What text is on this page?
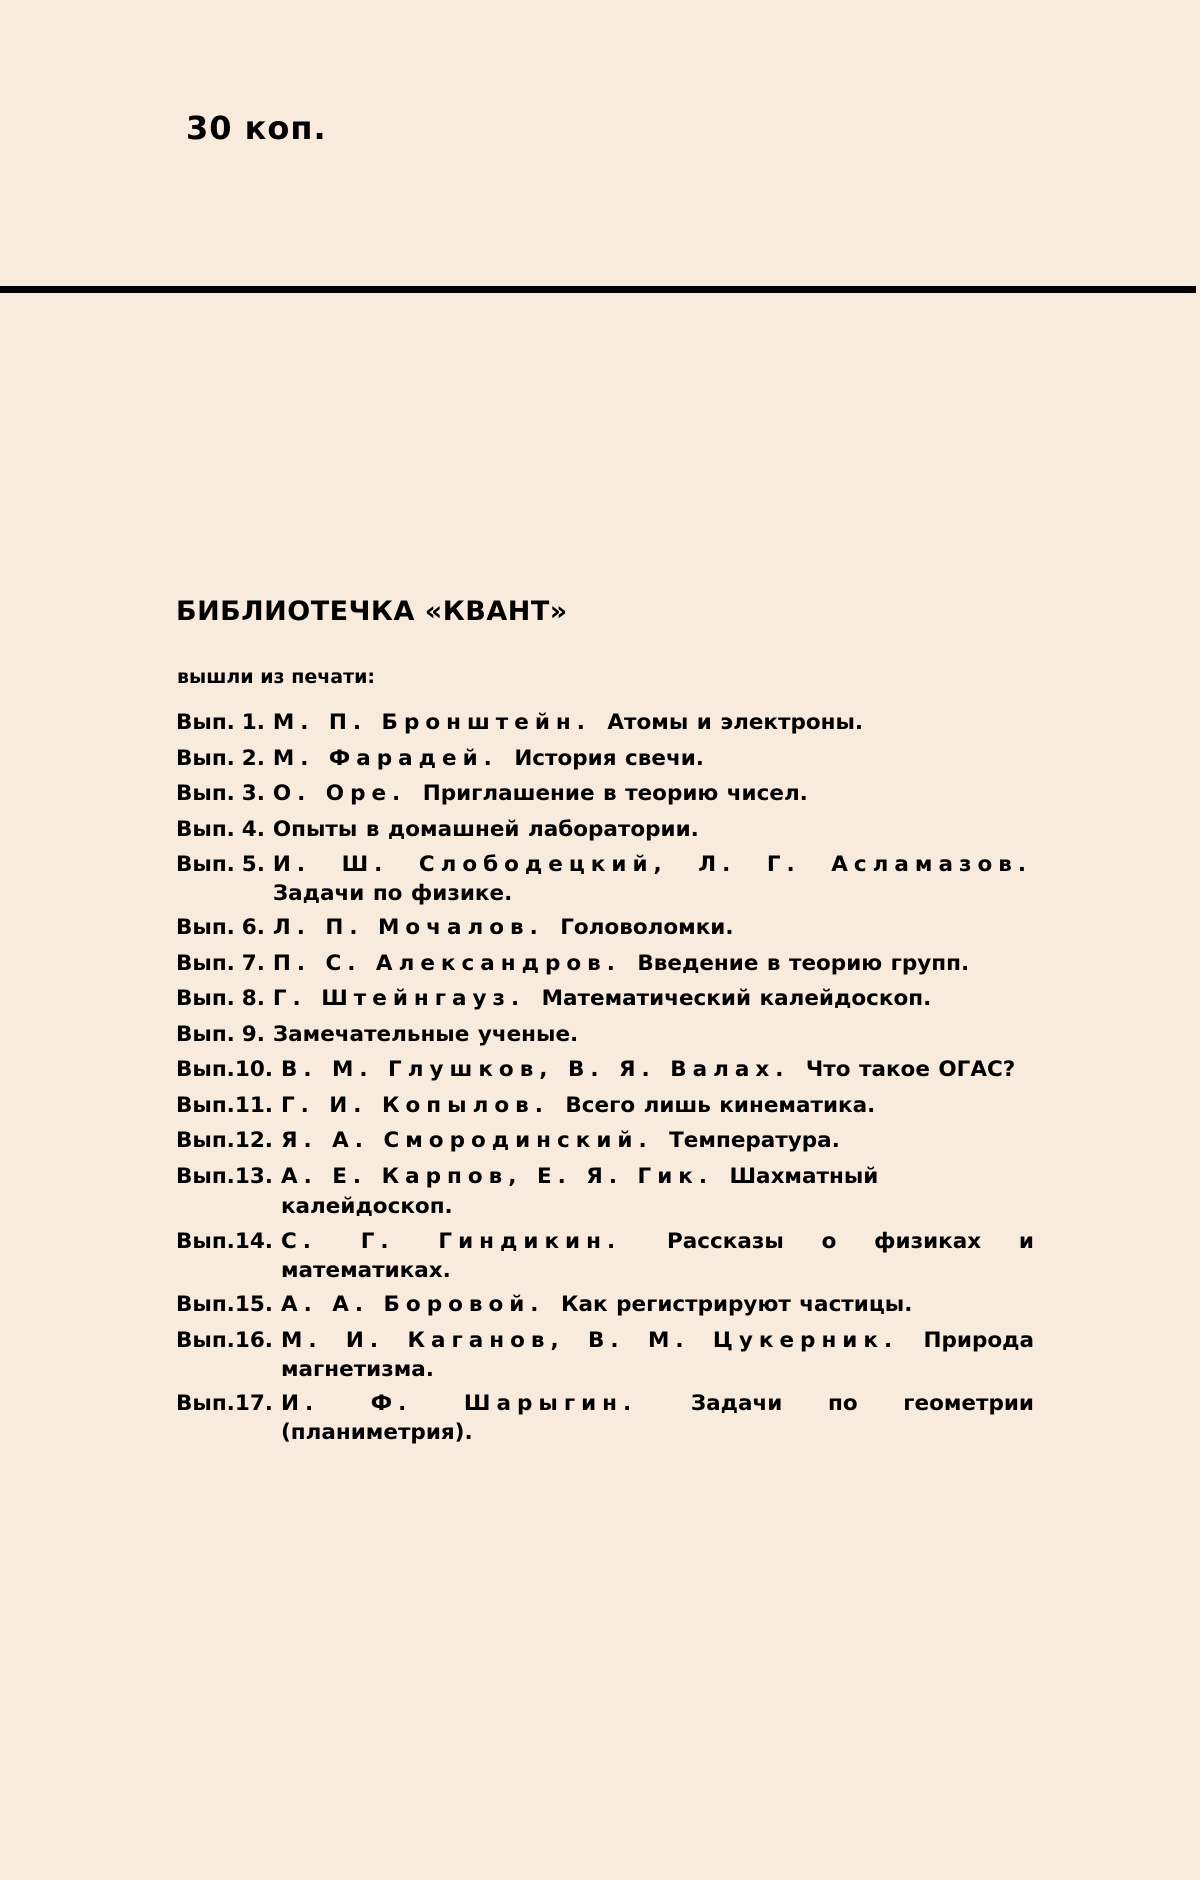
30 коп.
БИБЛИОТЕЧКА «КВАНТ»
вышли из печати:
Вып. 1. М. П. Бронштейн. Атомы и электроны.
Вып. 2. М. Фарадей. История свечи.
Вып. 3. О. Оре. Приглашение в теорию чисел.
Вып. 4. Опыты в домашней лаборатории.
Вып. 5. И. Ш. Слободецкий, Л. Г. Асламазов. Задачи по физике.
Вып. 6. Л. П. Мочалов. Головоломки.
Вып. 7. П. С. Александров. Введение в теорию групп.
Вып. 8. Г. Штейнгауз. Математический калейдоскоп.
Вып. 9. Замечательные ученые.
Вып. 10. В. М. Глушков, В. Я. Валах. Что такое ОГАС?
Вып. 11. Г. И. Копылов. Всего лишь кинематика.
Вып. 12. Я. А. Смородинский. Температура.
Вып. 13. А. Е. Карпов, Е. Я. Гик. Шахматный калейдоскоп.
Вып. 14. С. Г. Гиндикин. Рассказы о физиках и математиках.
Вып. 15. А. А. Боровой. Как регистрируют частицы.
Вып. 16. М. И. Каганов, В. М. Цукерник. Природа магнетизма.
Вып. 17. И. Ф. Шарыгин. Задачи по геометрии (планиметрия).
